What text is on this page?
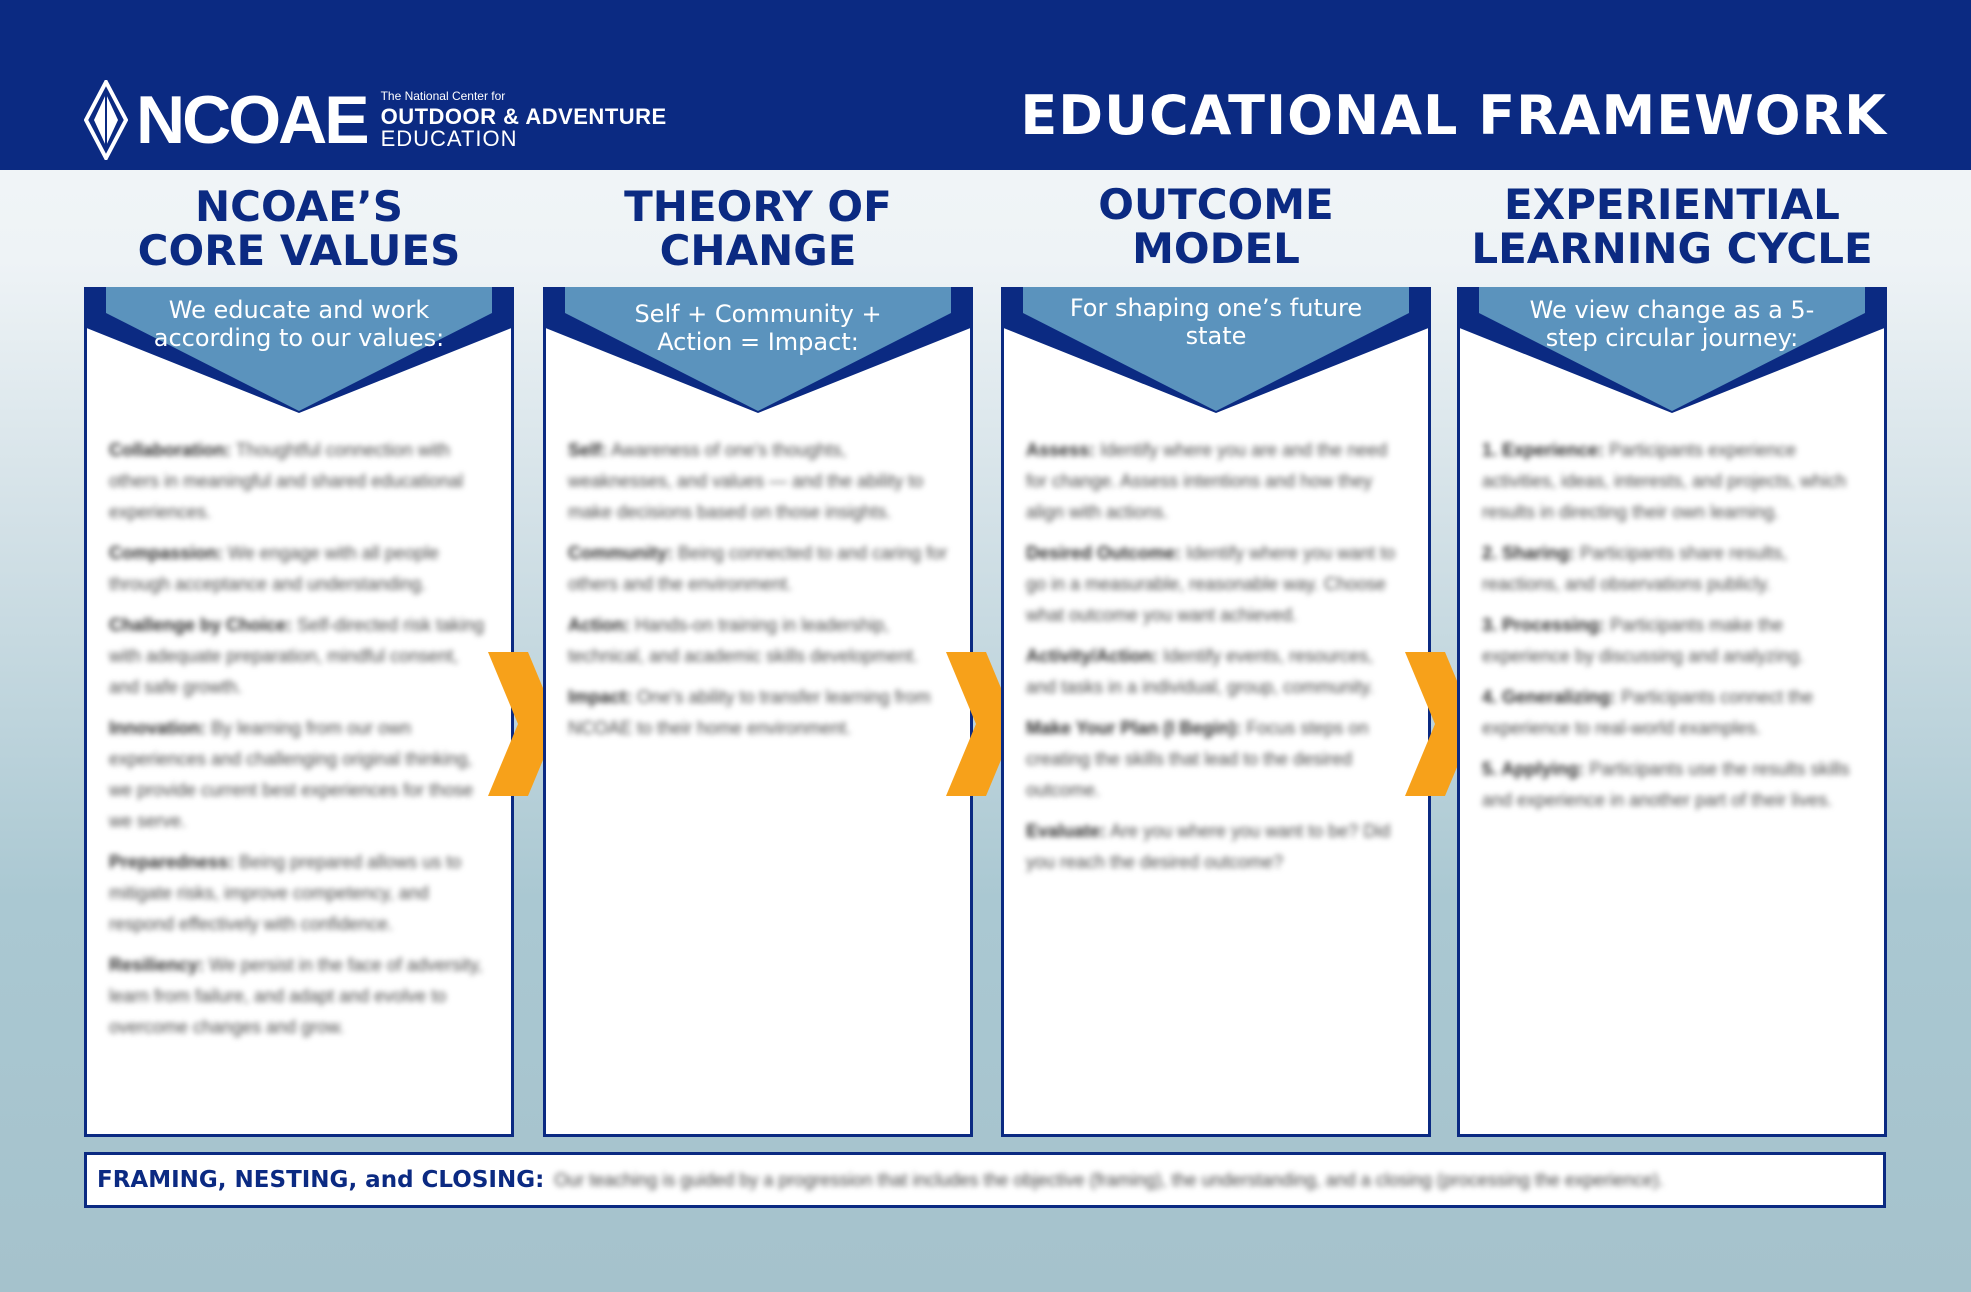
NCOAE The National Center for
OUTDOOR & ADVENTURE
EDUCATION	EDUCATIONAL FRAMEWORK
NCOAE’S
CORE VALUES
We educate and work according to our values:

Collaboration: Thoughtful connection with others in meaningful and shared educational experiences.

Compassion: We engage with all people through acceptance and understanding.

Challenge by Choice: Self-directed risk taking with adequate preparation, mindful consent, and safe growth.

Innovation: By learning from our own experiences and challenging original thinking, we provide current best experiences for those we serve.

Preparedness: Being prepared allows us to mitigate risks, improve competency, and respond effectively with confidence.

Resiliency: We persist in the face of adversity, learn from failure, and adapt and evolve to overcome changes and grow.

THEORY OF
CHANGE
Self + Community + Action = Impact:

Self: Awareness of one's thoughts, weaknesses, and values — and the ability to make decisions based on those insights.

Community: Being connected to and caring for others and the environment.

Action: Hands-on training in leadership, technical, and academic skills development.

Impact: One's ability to transfer learning from NCOAE to their home environment.

OUTCOME
MODEL
For shaping one’s future state

Assess: Identify where you are and the need for change. Assess intentions and how they align with actions.

Desired Outcome: Identify where you want to go in a measurable, reasonable way. Choose what outcome you want achieved.

Activity/Action: Identify events, resources, and tasks in a individual, group, community.

Make Your Plan (I Begin): Focus steps on creating the skills that lead to the desired outcome.

Evaluate: Are you where you want to be? Did you reach the desired outcome?

EXPERIENTIAL
LEARNING CYCLE
We view change as a 5-step circular journey:

1. Experience: Participants experience activities, ideas, interests, and projects, which results in directing their own learning.

2. Sharing: Participants share results, reactions, and observations publicly.

3. Processing: Participants make the experience by discussing and analyzing.

4. Generalizing: Participants connect the experience to real-world examples.

5. Applying: Participants use the results skills and experience in another part of their lives.

FRAMING, NESTING, and CLOSING: Our teaching is guided by a progression that includes the objective (framing), the understanding, and a closing (processing the experience).
